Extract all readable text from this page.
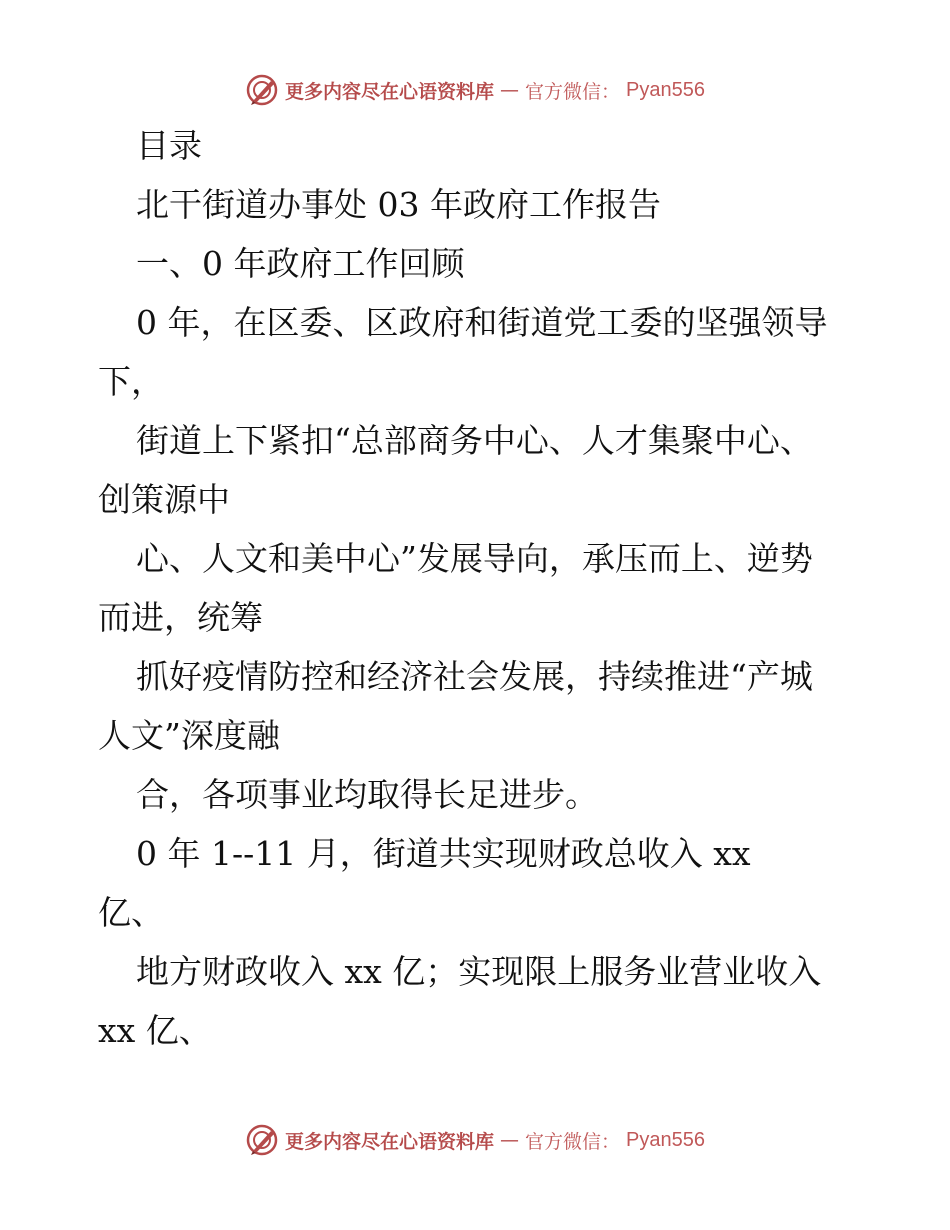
更多内容尽在心语资料库 — 官方微信： Pyan556
目录
北干街道办事处 03 年政府工作报告
一、0 年政府工作回顾
0 年，在区委、区政府和街道党工委的坚强领导
下，
街道上下紧扣“总部商务中心、人才集聚中心、
创策源中
心、人文和美中心”发展导向，承压而上、逆势
而进，统筹
抓好疫情防控和经济社会发展，持续推进“产城
人文”深度融
合，各项事业均取得长足进步。
0 年 1--11 月，街道共实现财政总收入 xx
亿、
地方财政收入 xx 亿；实现限上服务业营业收入
xx 亿、
更多内容尽在心语资料库 — 官方微信： Pyan556
